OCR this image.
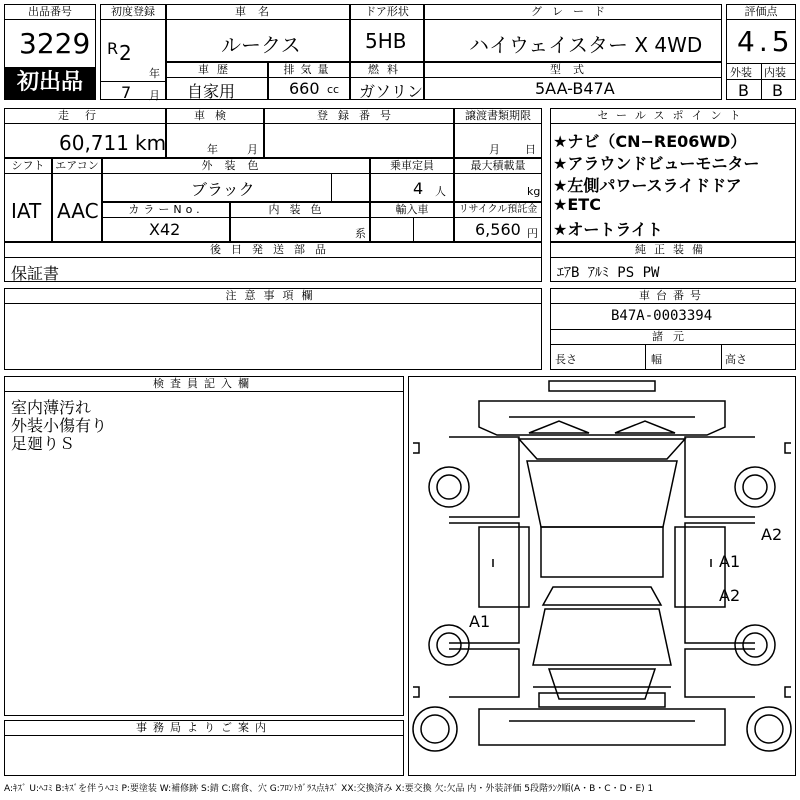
出品番号
3229
初出品
初度登録
R 2
年
7 月
車名
ルークス
ドア形状
5HB
グレード
ハイウェイスター X 4WD
評価点
4.5
外装 内装
B B
車歴
自家用
排気量
660 cc
燃料
ガソリン
型式
5AA-B47A
走行
60,711 km
車検
年	月
登録番号	譲渡書類期限
月 日
シフト
IAT
エアコン
AAC
外装色
ブラック
乗車定員
4 人
最大積載量
kg
カラーNo.
X42
内装色
系
輸入車	リサイクル預託金
6,560 円
後日発送部品
保証書
セールスポイント
★ナビ（CN−RE06WD）
★アラウンドビューモニター
★左側パワースライドドア
★ETC
★オートライト
純正装備
ｴｱB ｱﾙﾐ PS PW
注意事項欄	車台番号
B47A-0003394
諸元
長さ	幅	高さ
検査員記入欄
室内薄汚れ
外装小傷有り
足廻りＳ
事務局よりご案内
A2
A1
A2
A1
A:ｷｽﾞ U:ﾍｺﾐ B:ｷｽﾞを伴うﾍｺﾐ P:要塗装 W:補修跡 S:錆 C:腐食、穴 G:ﾌﾛﾝﾄｶﾞﾗｽ点ｷｽﾞ XX:交換済み X:要交換 欠:欠品 内・外装評価 5段階ﾗﾝｸ順(A・B・C・D・E) 1
